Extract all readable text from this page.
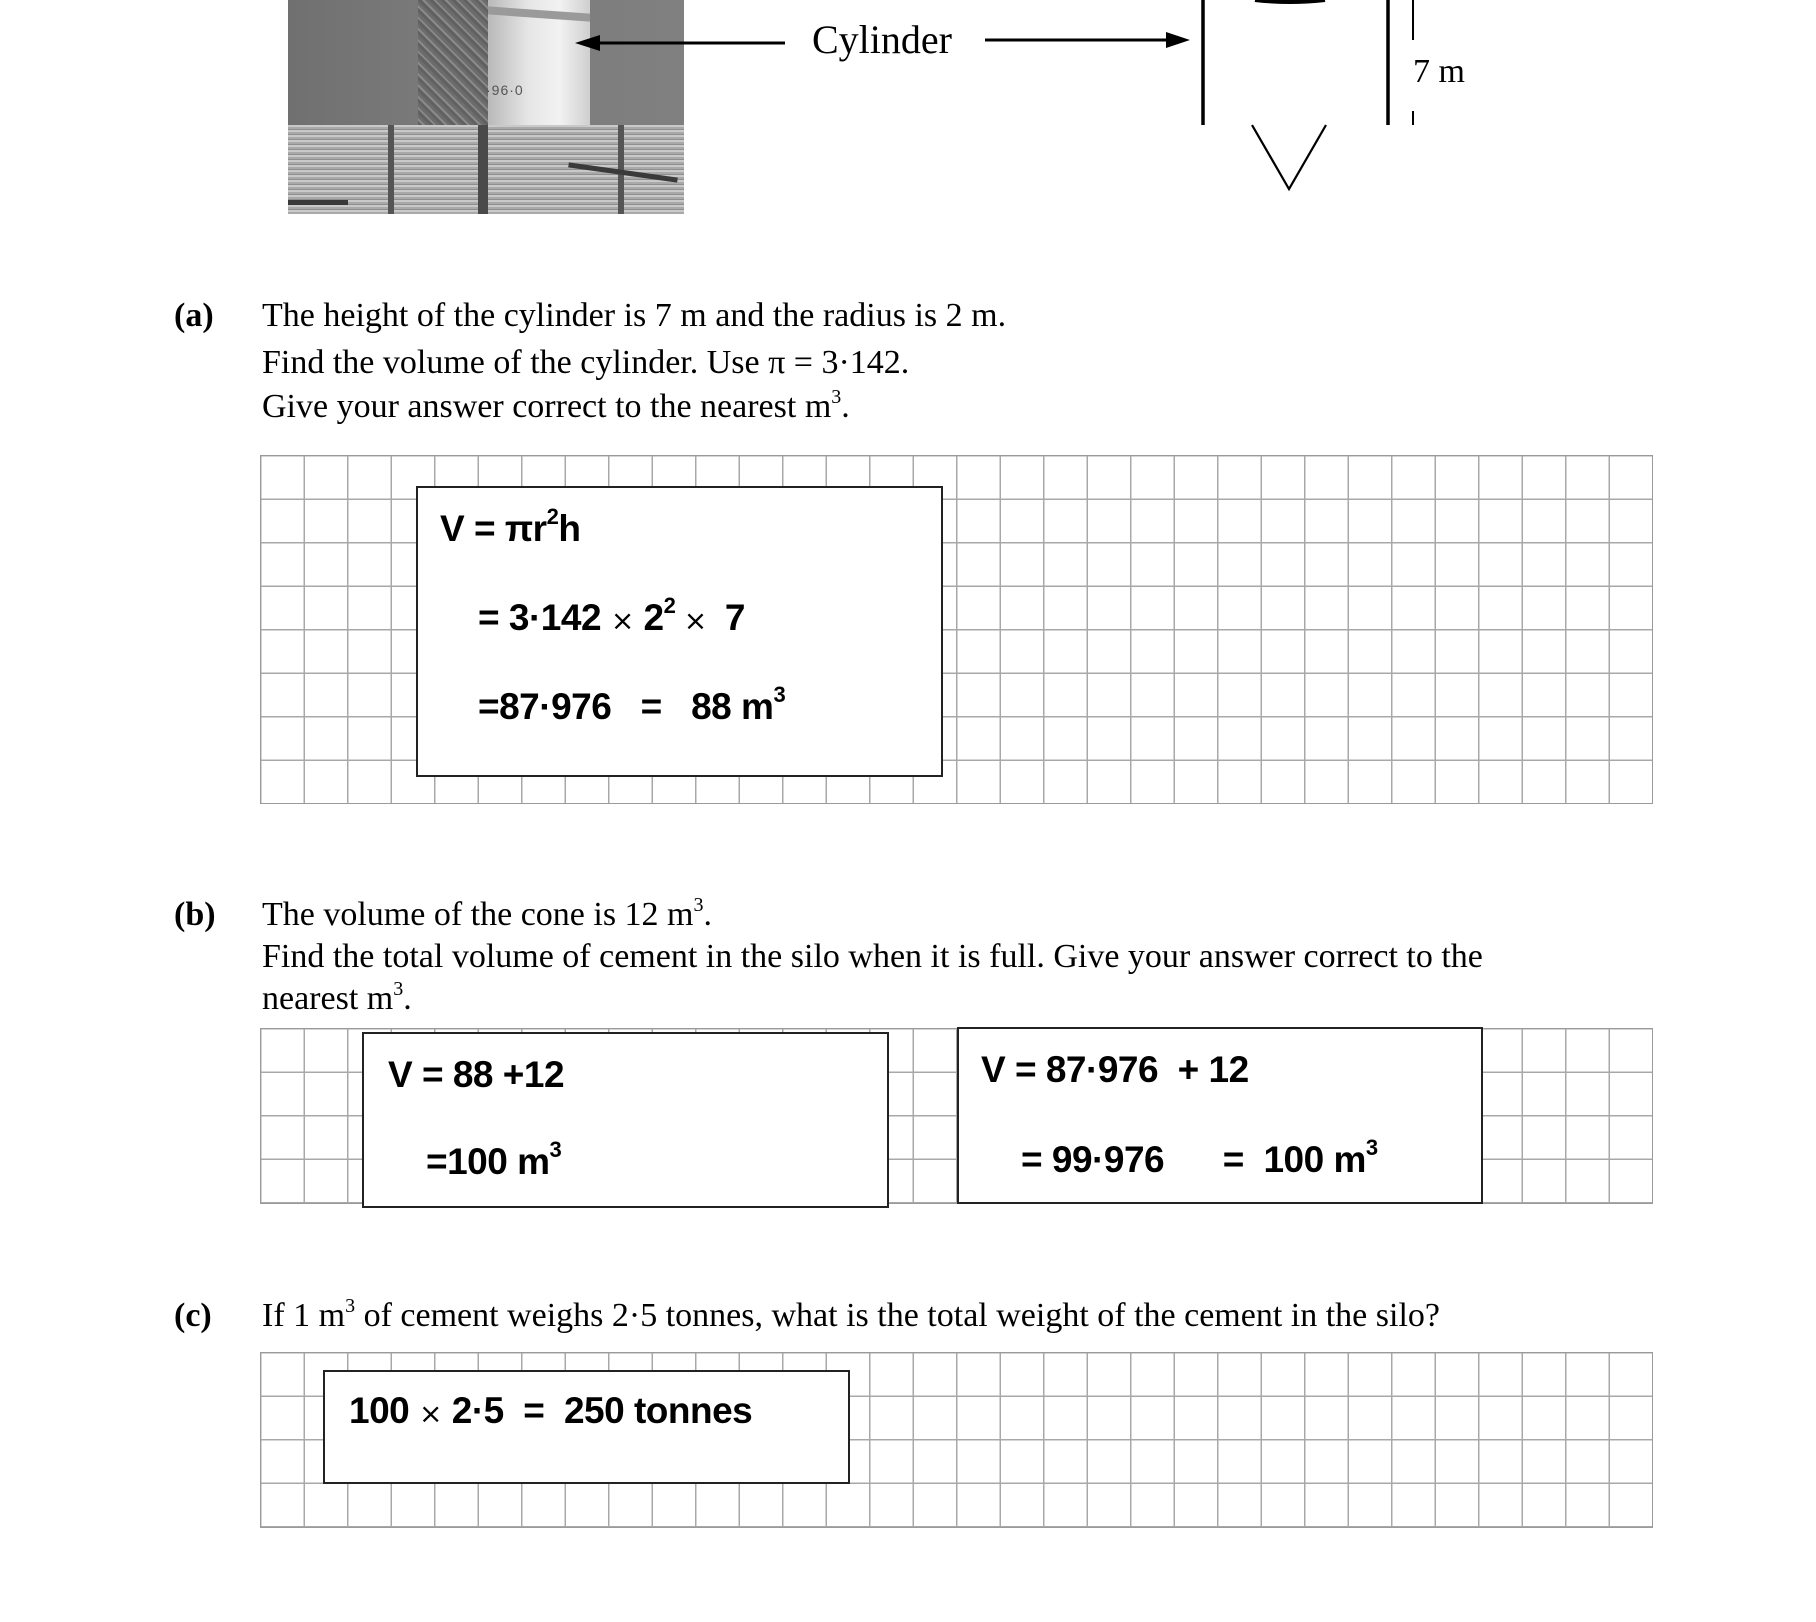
·96·0
Cylinder
7 m
(a) The height of the cylinder is 7 m and the radius is 2 m.
Find the volume of the cylinder. Use π = 3·142.
Give your answer correct to the nearest $m^3$.
$V = \pi r^2h$
= $3\cdot 142 \times 2^2 \times 7$
=87·976   =   88 $m^3$
(b) The volume of the cone is 12 $m^3$.
Find the total volume of cement in the silo when it is full. Give your answer correct to the
nearest $m^3$.
V = 88 +12
=100 $m^3$
V = 87·976  + 12
= 99·976      =  100 $m^3$
(c) If 1 $m^3$ of cement weighs 2·5 tonnes, what is the total weight of the cement in the silo?
100 × 2·5  =  250 tonnes
